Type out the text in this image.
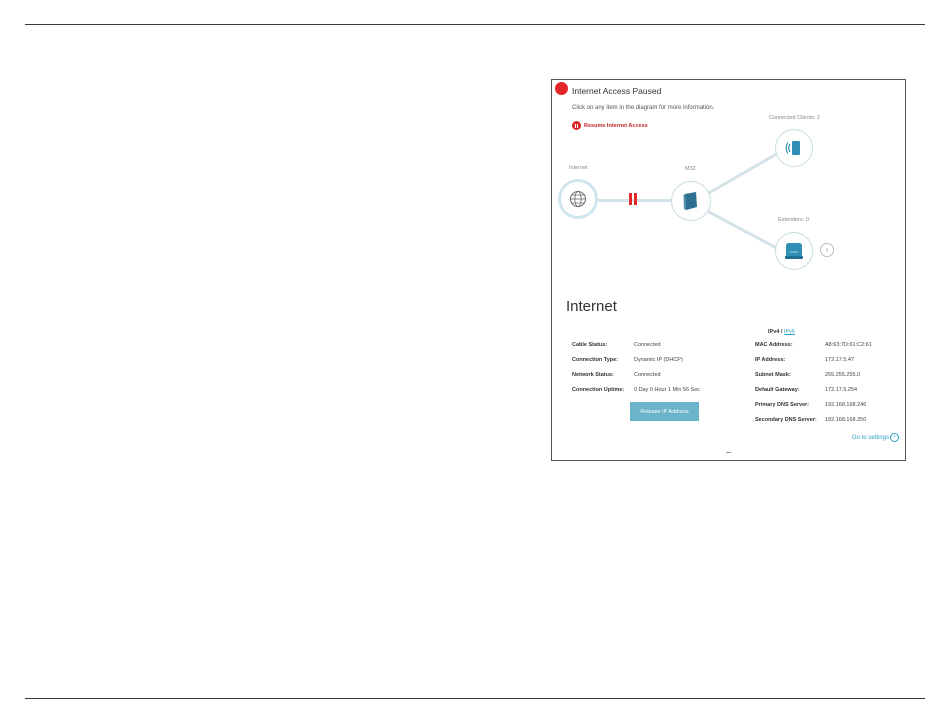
Internet Access Paused
Click on any item in the diagram for more information.
Resume Internet Access
Internet	M32
Connected Clients: 2
Extenders: 0
›
Internet
IPv4 / IPv6
Cable Status:	Connected
Connection Type:	Dynamic IP (DHCP)
Network Status:	Connected
Connection Uptime: 0 Day 0 Hour 1 Min 56 Sec
MAC Address:	A8:63:7D:61:C2:61
IP Address:	172.17.5.47
Subnet Mask:	255.255.255.0
Default Gateway:	172.17.5.254
Primary DNS Server:	192.168.168.246
Secondary DNS Server: 192.168.168.250
Release IP Address
Go to settings ›
